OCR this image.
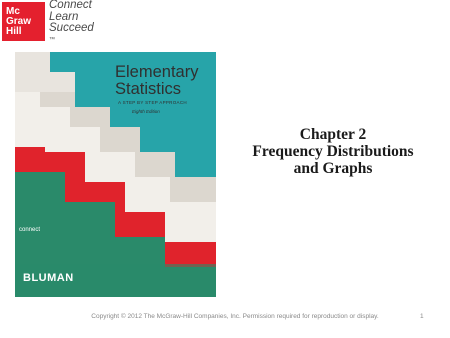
Mc
Graw
Hill
Connect
Learn
Succeed
™
Elementary
Statistics
A STEP BY STEP APPROACH
Eighth Edition
connect
BLUMAN
Chapter 2
Frequency Distributions
and Graphs
Copyright © 2012 The McGraw-Hill Companies, Inc. Permission required for reproduction or display.	1
